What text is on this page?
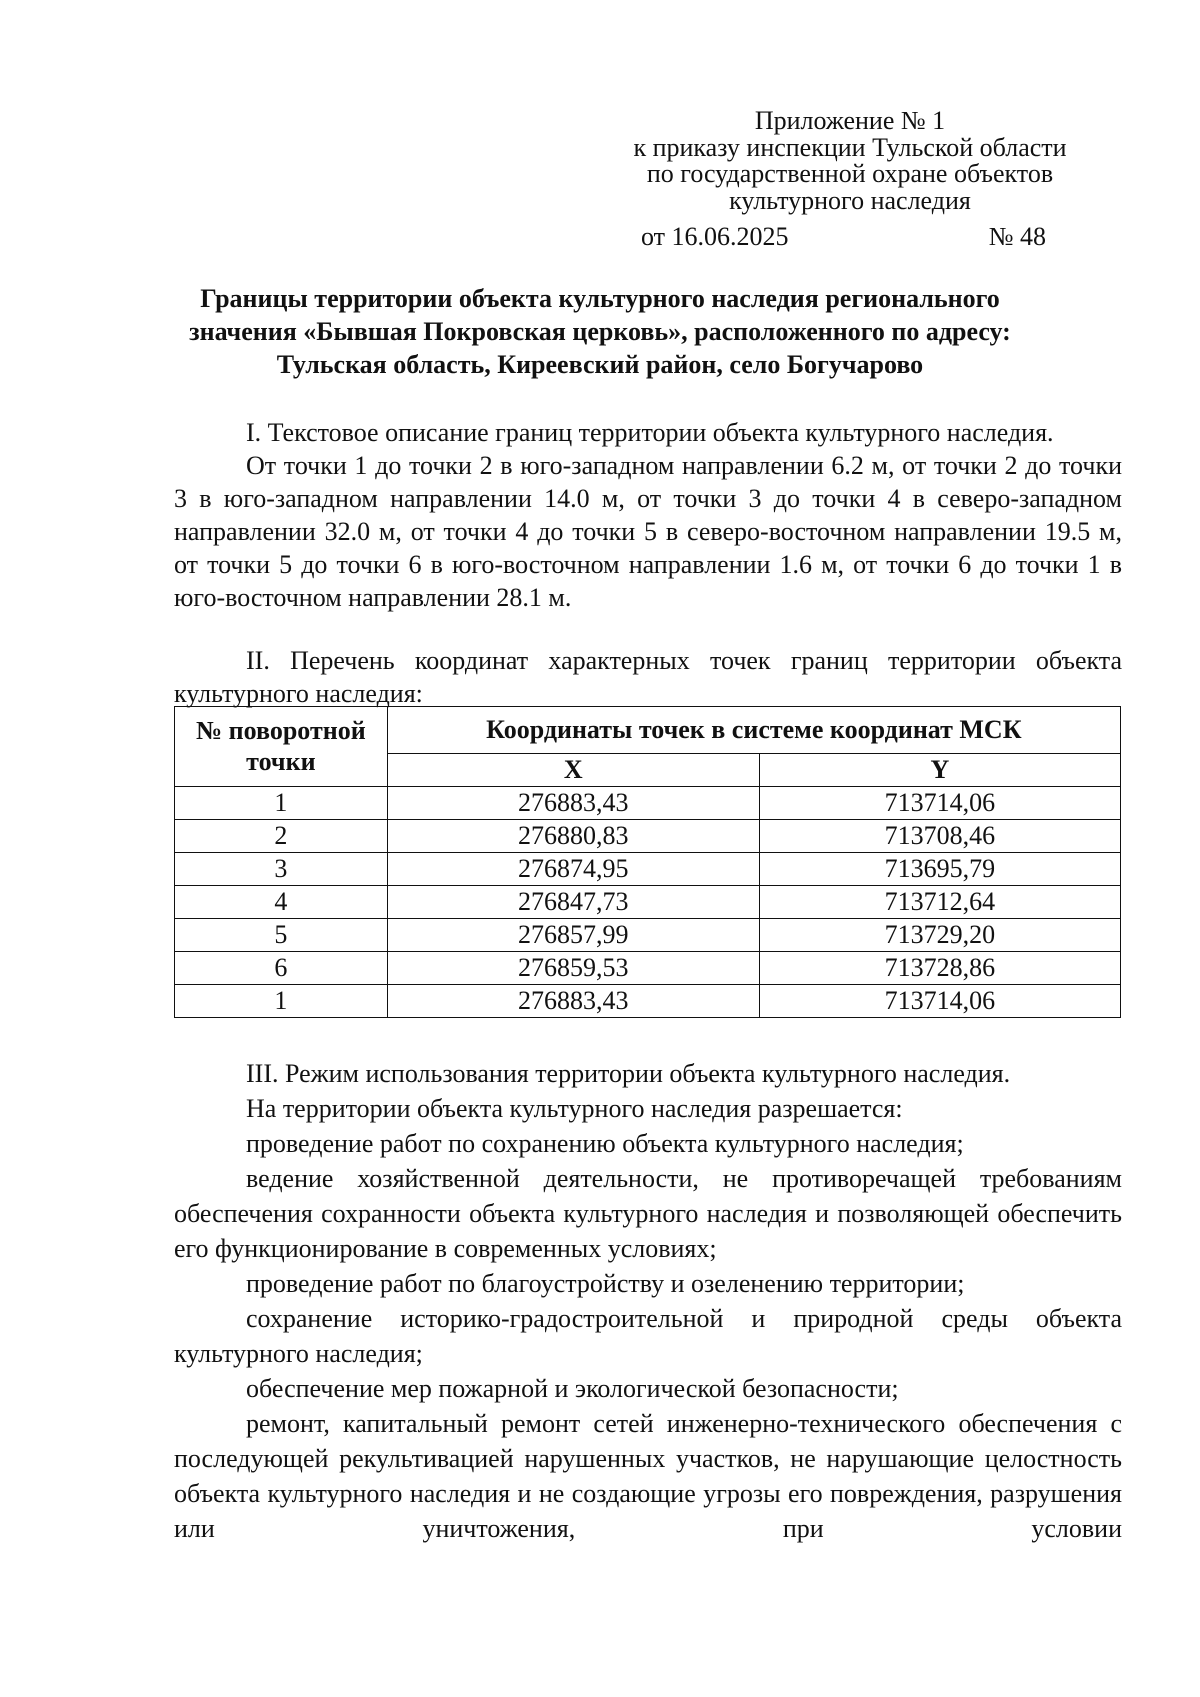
Приложение № 1
к приказу инспекции Тульской области
по государственной охране объектов
культурного наследия
от 16.06.2025	№ 48
Границы территории объекта культурного наследия регионального
значения «Бывшая Покровская церковь», расположенного по адресу:
Тульская область, Киреевский район, село Богучарово

I. Текстовое описание границ территории объекта культурного наследия.

От точки 1 до точки 2 в юго-западном направлении 6.2 м, от точки 2 до точки 3 в юго-западном направлении 14.0 м, от точки 3 до точки 4 в северо-западном направлении 32.0 м, от точки 4 до точки 5 в северо-восточном направлении 19.5 м, от точки 5 до точки 6 в юго-восточном направлении 1.6 м, от точки 6 до точки 1 в юго-восточном направлении 28.1 м.

II. Перечень координат характерных точек границ территории объекта культурного наследия:

№ поворотной точки	Координаты точек в системе координат МСК	
	X	Y
1	276883,43	713714,06
2	276880,83	713708,46
3	276874,95	713695,79
4	276847,73	713712,64
5	276857,99	713729,20
6	276859,53	713728,86
1	276883,43	713714,06

III. Режим использования территории объекта культурного наследия.

На территории объекта культурного наследия разрешается:

проведение работ по сохранению объекта культурного наследия;

ведение хозяйственной деятельности, не противоречащей требованиям обеспечения сохранности объекта культурного наследия и позволяющей обеспечить его функционирование в современных условиях;

проведение работ по благоустройству и озеленению территории;

сохранение историко-градостроительной и природной среды объекта культурного наследия;

обеспечение мер пожарной и экологической безопасности;

ремонт, капитальный ремонт сетей инженерно-технического обеспечения с последующей рекультивацией нарушенных участков, не нарушающие целостность объекта культурного наследия и не создающие угрозы его повреждения, разрушения или уничтожения, при условии
